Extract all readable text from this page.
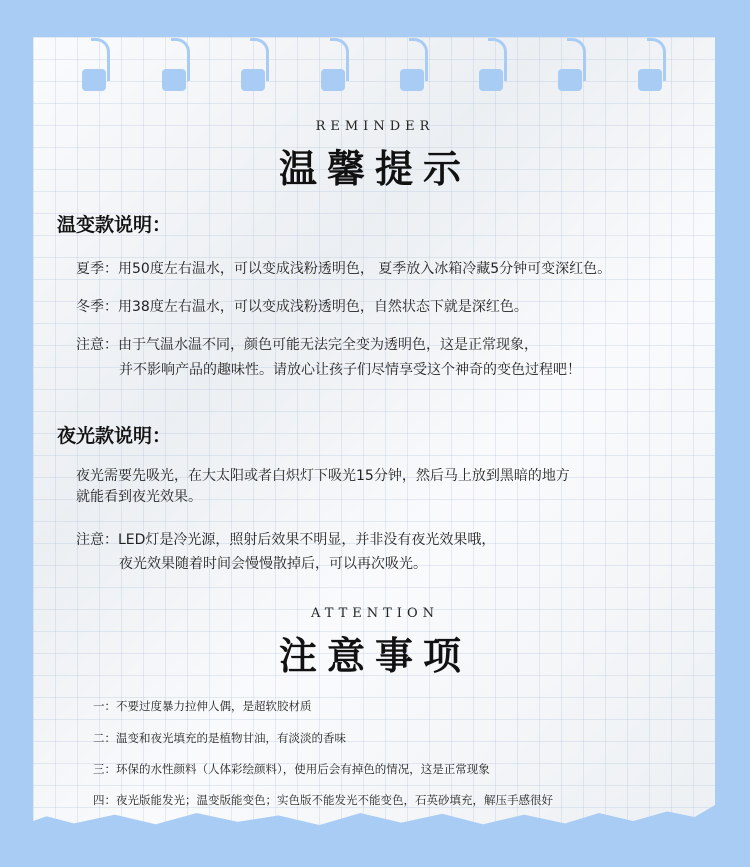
REMINDER
温馨提示
温变款说明：
夏季：用50度左右温水，可以变成浅粉透明色， 夏季放入冰箱冷藏5分钟可变深红色。
冬季：用38度左右温水，可以变成浅粉透明色，自然状态下就是深红色。
注意：由于气温水温不同，颜色可能无法完全变为透明色，这是正常现象，
并不影响产品的趣味性。请放心让孩子们尽情享受这个神奇的变色过程吧！
夜光款说明：
夜光需要先吸光，在大太阳或者白炽灯下吸光15分钟，然后马上放到黑暗的地方
就能看到夜光效果。
注意：LED灯是冷光源，照射后效果不明显，并非没有夜光效果哦，
夜光效果随着时间会慢慢散掉后，可以再次吸光。
ATTENTION
注意事项
一：不要过度暴力拉伸人偶，是超软胶材质
二：温变和夜光填充的是植物甘油，有淡淡的香味
三：环保的水性颜料（人体彩绘颜料），使用后会有掉色的情况，这是正常现象
四：夜光版能发光；温变版能变色；实色版不能发光不能变色，石英砂填充，解压手感很好
